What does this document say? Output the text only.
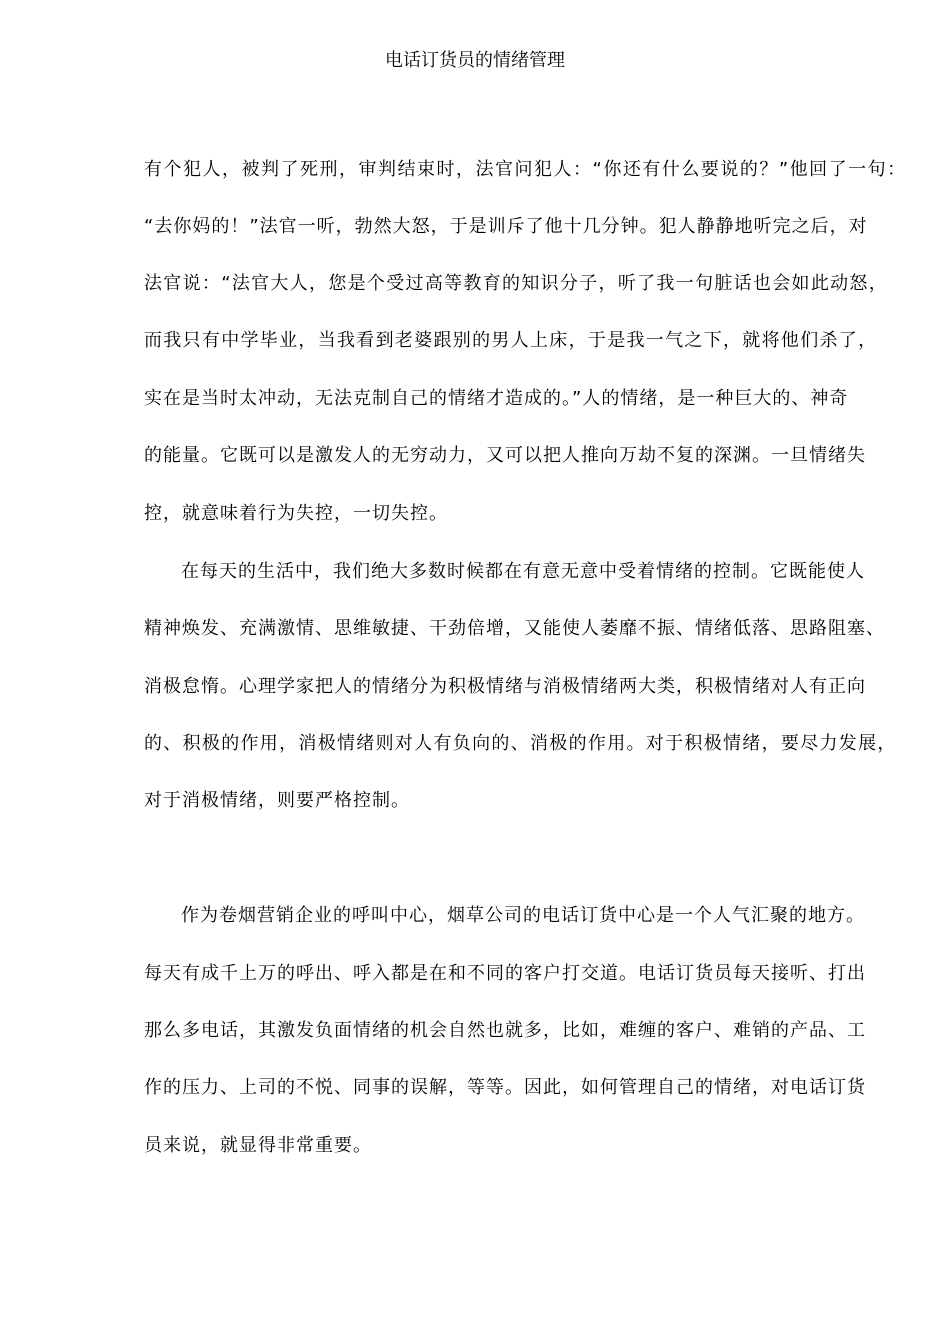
电话订货员的情绪管理
有个犯人，被判了死刑，审判结束时，法官问犯人：“你还有什么要说的？”他回了一句：
“去你妈的！”法官一听，勃然大怒，于是训斥了他十几分钟。犯人静静地听完之后，对
法官说：“法官大人，您是个受过高等教育的知识分子，听了我一句脏话也会如此动怒，
而我只有中学毕业，当我看到老婆跟别的男人上床，于是我一气之下，就将他们杀了，
实在是当时太冲动，无法克制自己的情绪才造成的。”人的情绪，是一种巨大的、神奇
的能量。它既可以是激发人的无穷动力，又可以把人推向万劫不复的深渊。一旦情绪失
控，就意味着行为失控，一切失控。
在每天的生活中，我们绝大多数时候都在有意无意中受着情绪的控制。它既能使人
精神焕发、充满激情、思维敏捷、干劲倍增，又能使人萎靡不振、情绪低落、思路阻塞、
消极怠惰。心理学家把人的情绪分为积极情绪与消极情绪两大类，积极情绪对人有正向
的、积极的作用，消极情绪则对人有负向的、消极的作用。对于积极情绪，要尽力发展，
对于消极情绪，则要严格控制。
作为卷烟营销企业的呼叫中心，烟草公司的电话订货中心是一个人气汇聚的地方。
每天有成千上万的呼出、呼入都是在和不同的客户打交道。电话订货员每天接听、打出
那么多电话，其激发负面情绪的机会自然也就多，比如，难缠的客户、难销的产品、工
作的压力、上司的不悦、同事的误解，等等。因此，如何管理自己的情绪，对电话订货
员来说，就显得非常重要。
